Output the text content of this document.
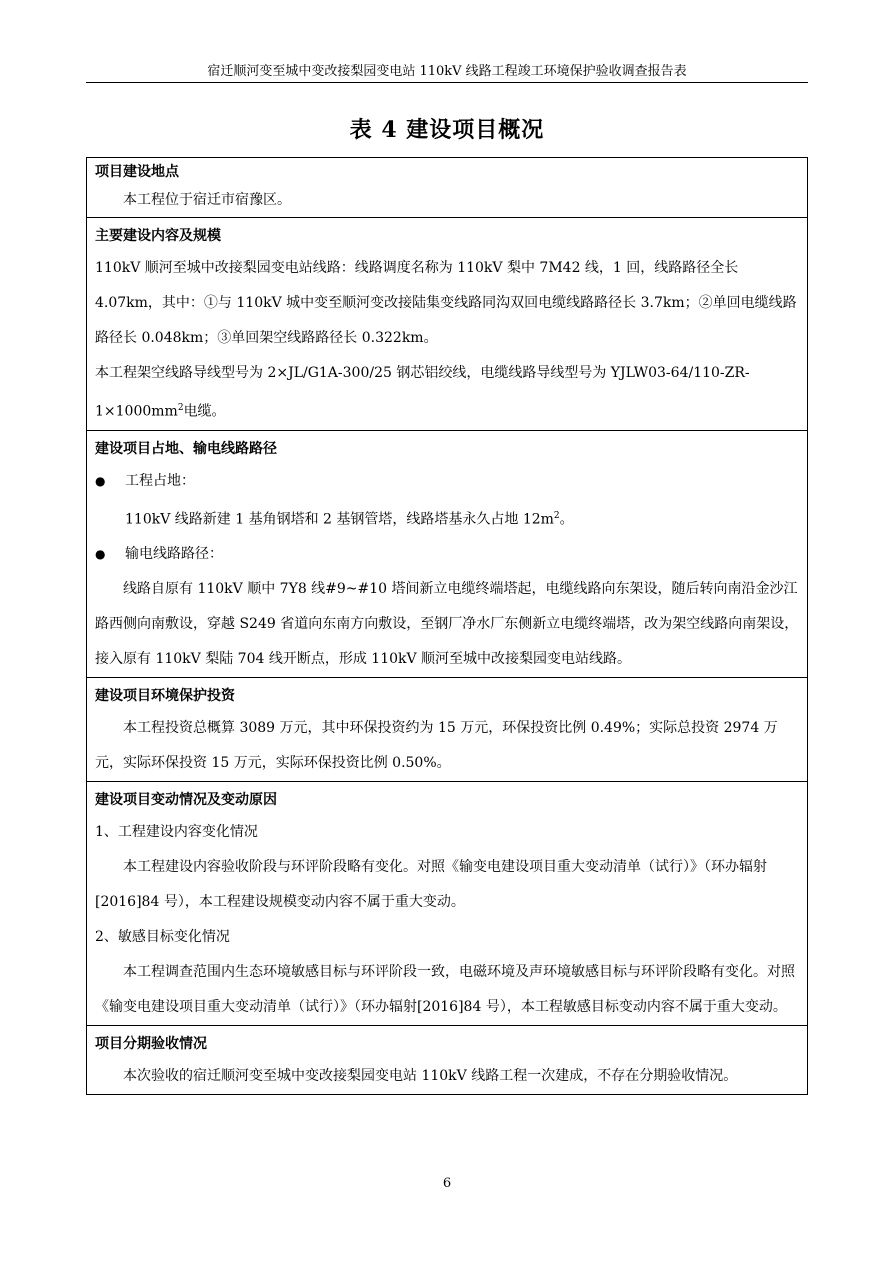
宿迁顺河变至城中变改接梨园变电站 110kV 线路工程竣工环境保护验收调查报告表
表 4 建设项目概况
项目建设地点

本工程位于宿迁市宿豫区。

主要建设内容及规模

110kV 顺河至城中改接梨园变电站线路：线路调度名称为 110kV 梨中 7M42 线，1 回，线路路径全长 4.07km，其中：①与 110kV 城中变至顺河变改接陆集变线路同沟双回电缆线路路径长 3.7km；②单回电缆线路路径长 0.048km；③单回架空线路路径长 0.322km。

本工程架空线路导线型号为 2×JL/G1A-300/25 钢芯铝绞线，电缆线路导线型号为 $YJLW03-64/110-ZR-1\times 1000mm^2$电缆。

建设项目占地、输电线路路径

● 工程占地：

110kV 线路新建 1 基角钢塔和 2 基钢管塔，线路塔基永久占地 $12m^2$。

● 输电线路路径：

线路自原有 110kV 顺中 7Y8 线#9~#10 塔间新立电缆终端塔起，电缆线路向东架设，随后转向南沿金沙江路西侧向南敷设，穿越 S249 省道向东南方向敷设，至钢厂净水厂东侧新立电缆终端塔，改为架空线路向南架设，接入原有 110kV 梨陆 704 线开断点，形成 110kV 顺河至城中改接梨园变电站线路。

建设项目环境保护投资

本工程投资总概算 3089 万元，其中环保投资约为 15 万元，环保投资比例 0.49%；实际总投资 2974 万元，实际环保投资 15 万元，实际环保投资比例 0.50%。

建设项目变动情况及变动原因

1、工程建设内容变化情况

本工程建设内容验收阶段与环评阶段略有变化。对照《输变电建设项目重大变动清单（试行）》（环办辐射[2016]84 号），本工程建设规模变动内容不属于重大变动。

2、敏感目标变化情况

本工程调查范围内生态环境敏感目标与环评阶段一致，电磁环境及声环境敏感目标与环评阶段略有变化。对照《输变电建设项目重大变动清单（试行）》（环办辐射[2016]84 号），本工程敏感目标变动内容不属于重大变动。

项目分期验收情况

本次验收的宿迁顺河变至城中变改接梨园变电站 110kV 线路工程一次建成，不存在分期验收情况。

6
